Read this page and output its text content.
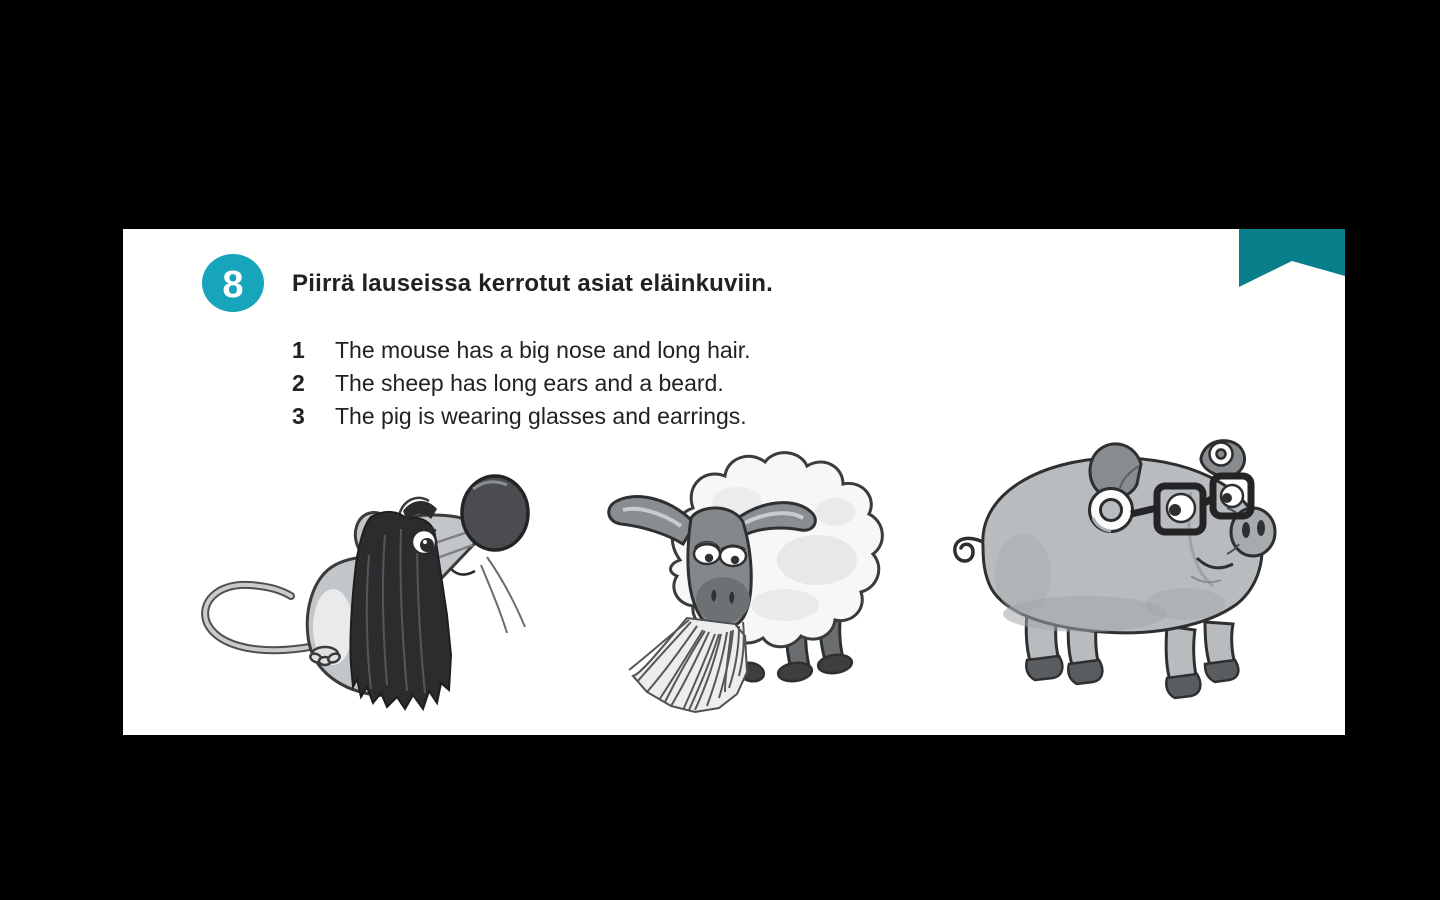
8 Piirrä lauseissa kerrotut asiat eläinkuviin.
1	The mouse has a big nose and long hair.
2	The sheep has long ears and a beard.
3	The pig is wearing glasses and earrings.
